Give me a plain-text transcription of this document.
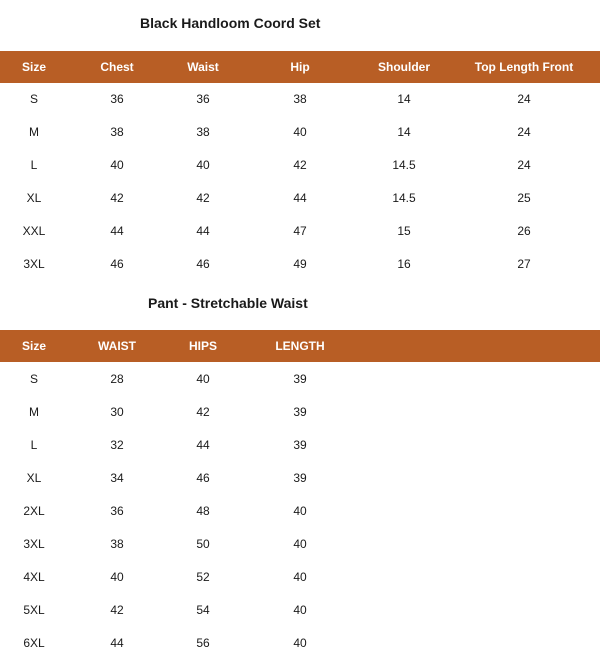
Black Handloom Coord Set
Size	Chest	Waist	Hip	Shoulder	Top Length Front
S	36	36	38	14	24
M	38	38	40	14	24
L	40	40	42	14.5	24
XL	42	42	44	14.5	25
XXL	44	44	47	15	26
3XL	46	46	49	16	27
Pant - Stretchable Waist
Size	WAIST	HIPS	LENGTH
S	28	40	39
M	30	42	39
L	32	44	39
XL	34	46	39
2XL	36	48	40
3XL	38	50	40
4XL	40	52	40
5XL	42	54	40
6XL	44	56	40
